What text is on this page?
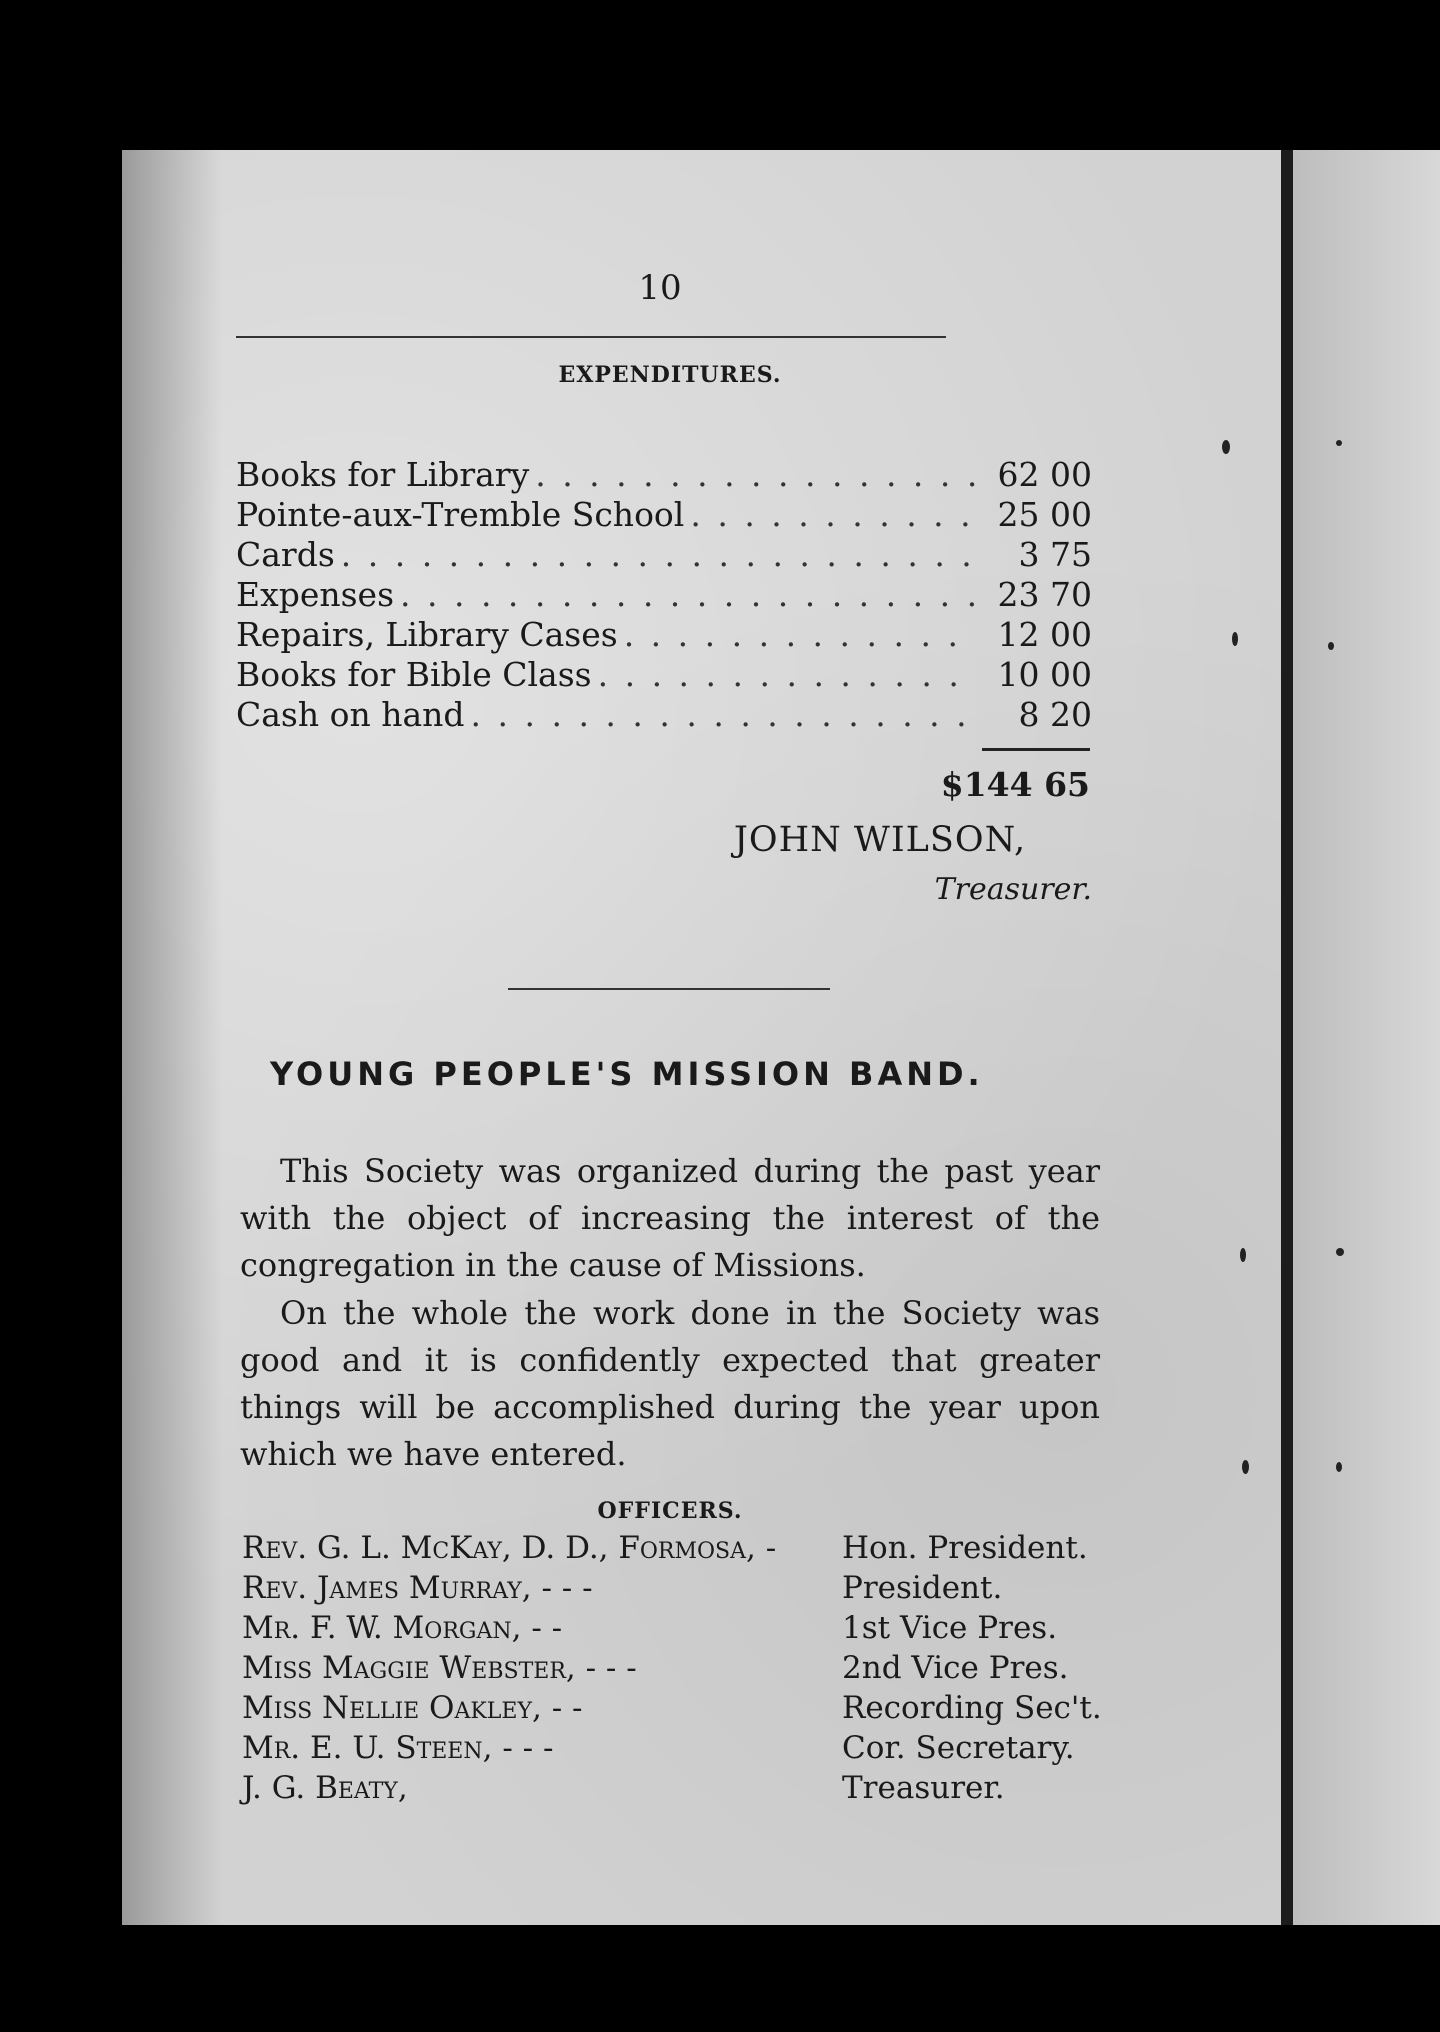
10
EXPENDITURES.
Books for Library . . .	62 00
Pointe-aux-Tremble School . . .	25 00
Cards . . .	3 75
Expenses . . .	23 70
Repairs, Library Cases . . .	12 00
Books for Bible Class . . .	10 00
Cash on hand . . .	8 20
$144 65
JOHN WILSON,
Treasurer.
YOUNG PEOPLE'S MISSION BAND.
This Society was organized during the past year with the object of increasing the interest of the congregation in the cause of Missions.
On the whole the work done in the Society was good and it is confidently expected that greater things will be accomplished during the year upon which we have entered.
OFFICERS.
Rev. G. L. McKay, D. D., Formosa, -	Hon. President.
Rev. James Murray, - - -	President.
Mr. F. W. Morgan, - -	1st Vice Pres.
Miss Maggie Webster, - - -	2nd Vice Pres.
Miss Nellie Oakley, - -	Recording Sec't.
Mr. E. U. Steen, - - -	Cor. Secretary.
J. G. Beaty,	Treasurer.
